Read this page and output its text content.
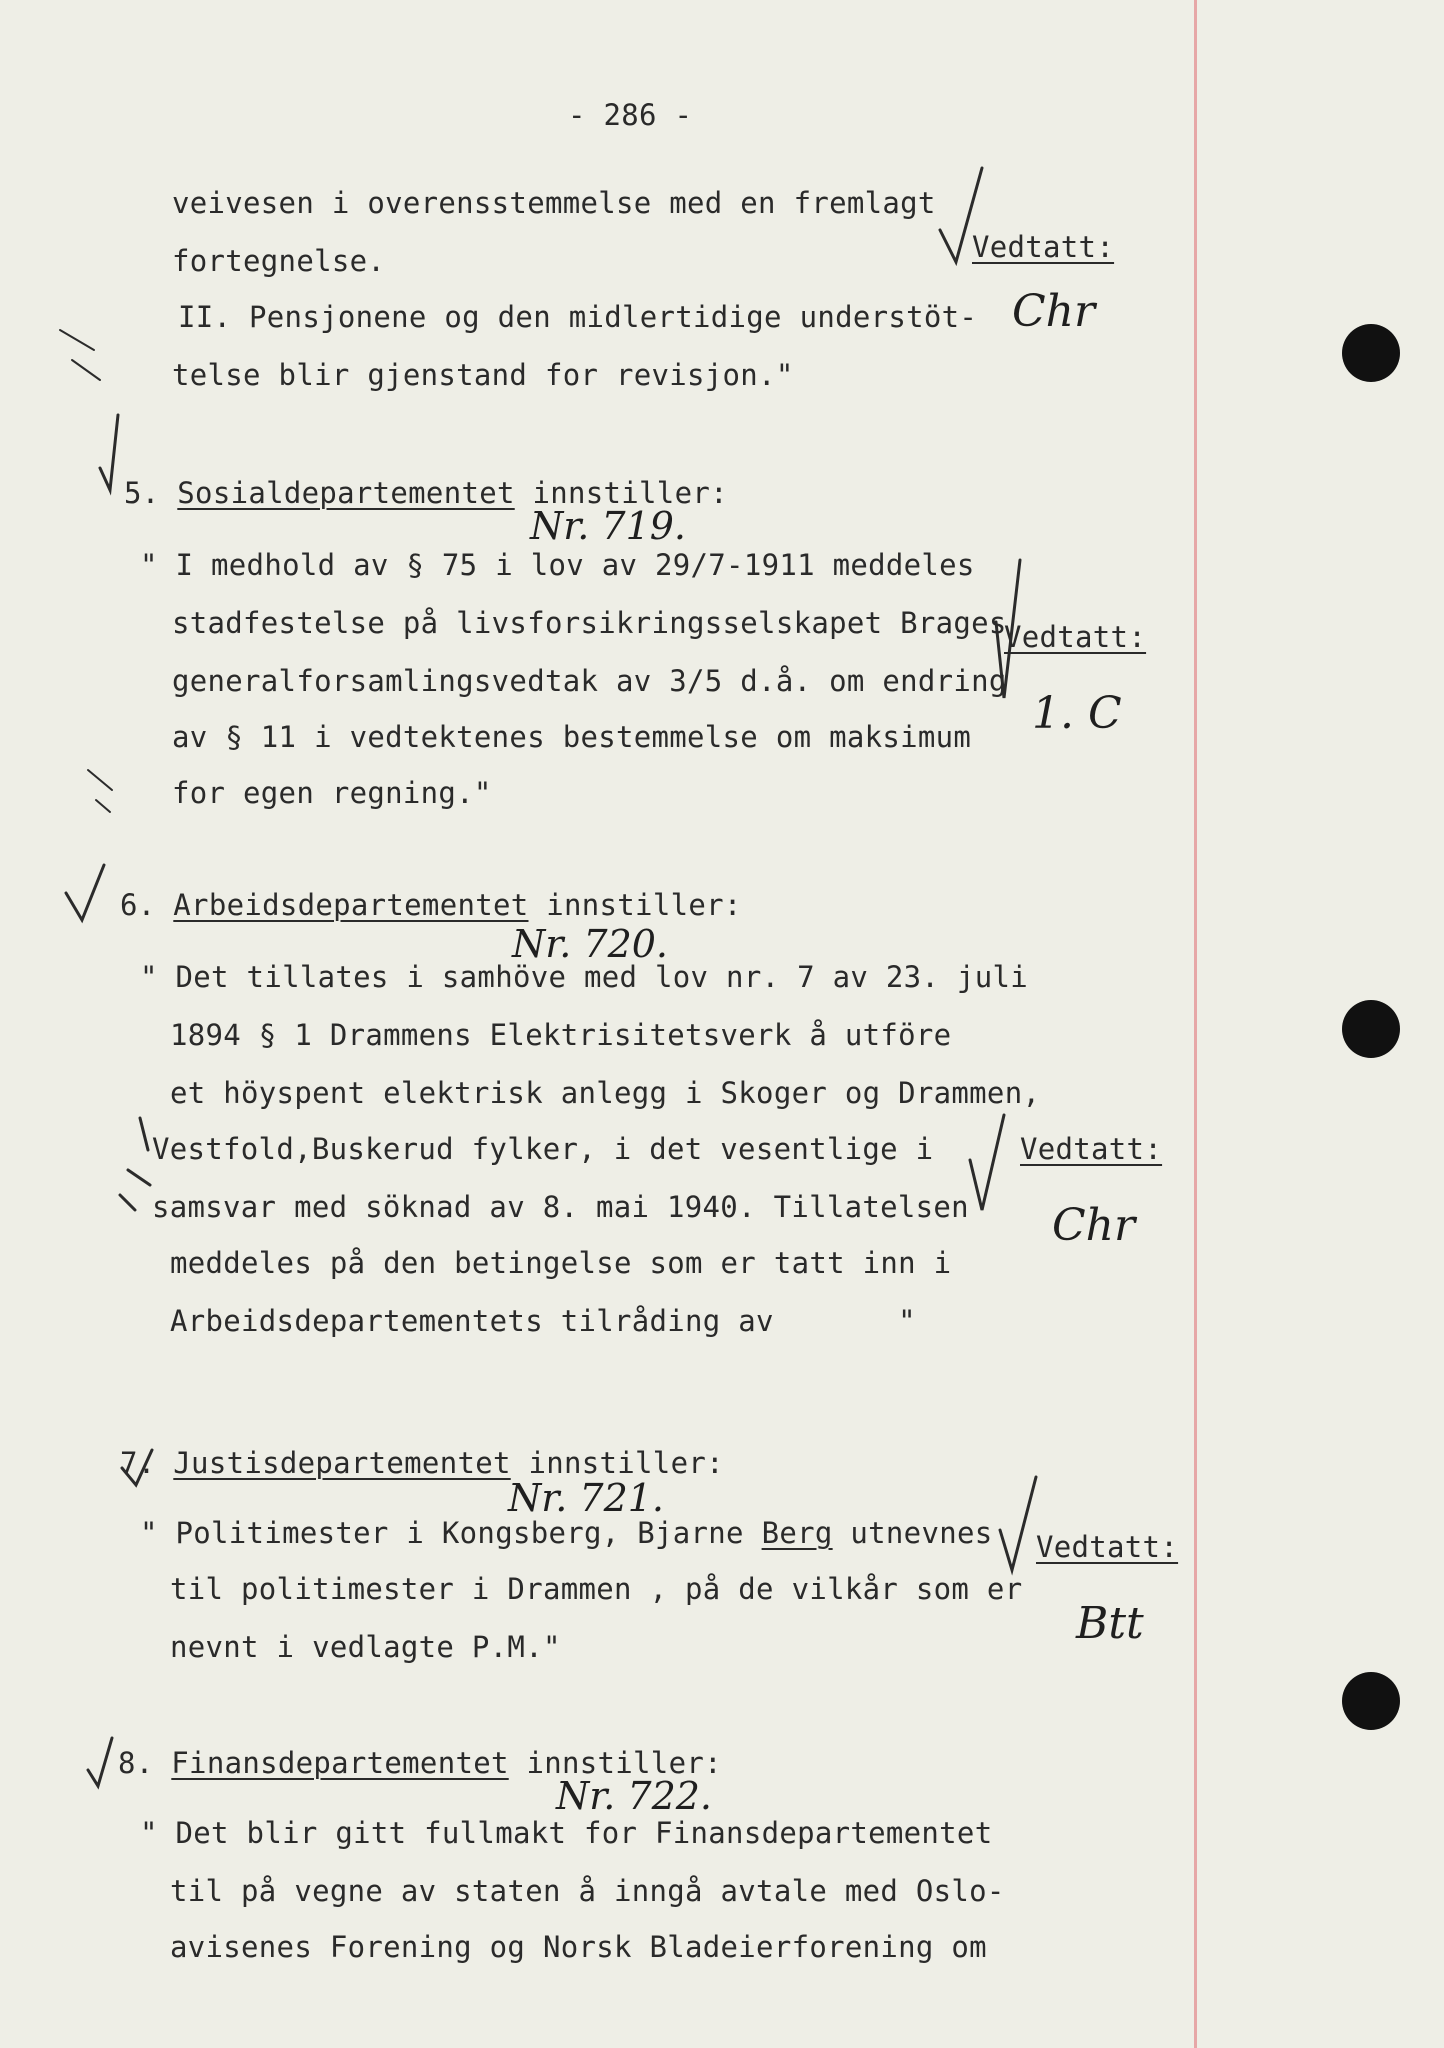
- 286 -

veivesen i overensstemmelse med en fremlagt

fortegnelse.

II. Pensjonene og den midlertidige understöt-

telse blir gjenstand for revisjon."

Vedtatt:

Chr

5. Sosialdepartementet innstiller:

Nr. 719.

" I medhold av § 75 i lov av 29/7-1911 meddeles

stadfestelse på livsforsikringsselskapet Brages

generalforsamlingsvedtak av 3/5 d.å. om endring

av § 11 i vedtektenes bestemmelse om maksimum

for egen regning."

Vedtatt:

1. C

6. Arbeidsdepartementet innstiller:

Nr. 720.

" Det tillates i samhöve med lov nr. 7 av 23. juli

1894 § 1 Drammens Elektrisitetsverk å utföre

et höyspent elektrisk anlegg i Skoger og Drammen,

Vestfold,Buskerud fylker, i det vesentlige i

samsvar med söknad av 8. mai 1940. Tillatelsen

meddeles på den betingelse som er tatt inn i

Arbeidsdepartementets tilråding av       "

Vedtatt:

Chr

7. Justisdepartementet innstiller:

Nr. 721.

" Politimester i Kongsberg, Bjarne Berg utnevnes

til politimester i Drammen , på de vilkår som er

nevnt i vedlagte P.M."

Vedtatt:

Btt

8. Finansdepartementet innstiller:

Nr. 722.

" Det blir gitt fullmakt for Finansdepartementet

til på vegne av staten å inngå avtale med Oslo-

avisenes Forening og Norsk Bladeierforening om
